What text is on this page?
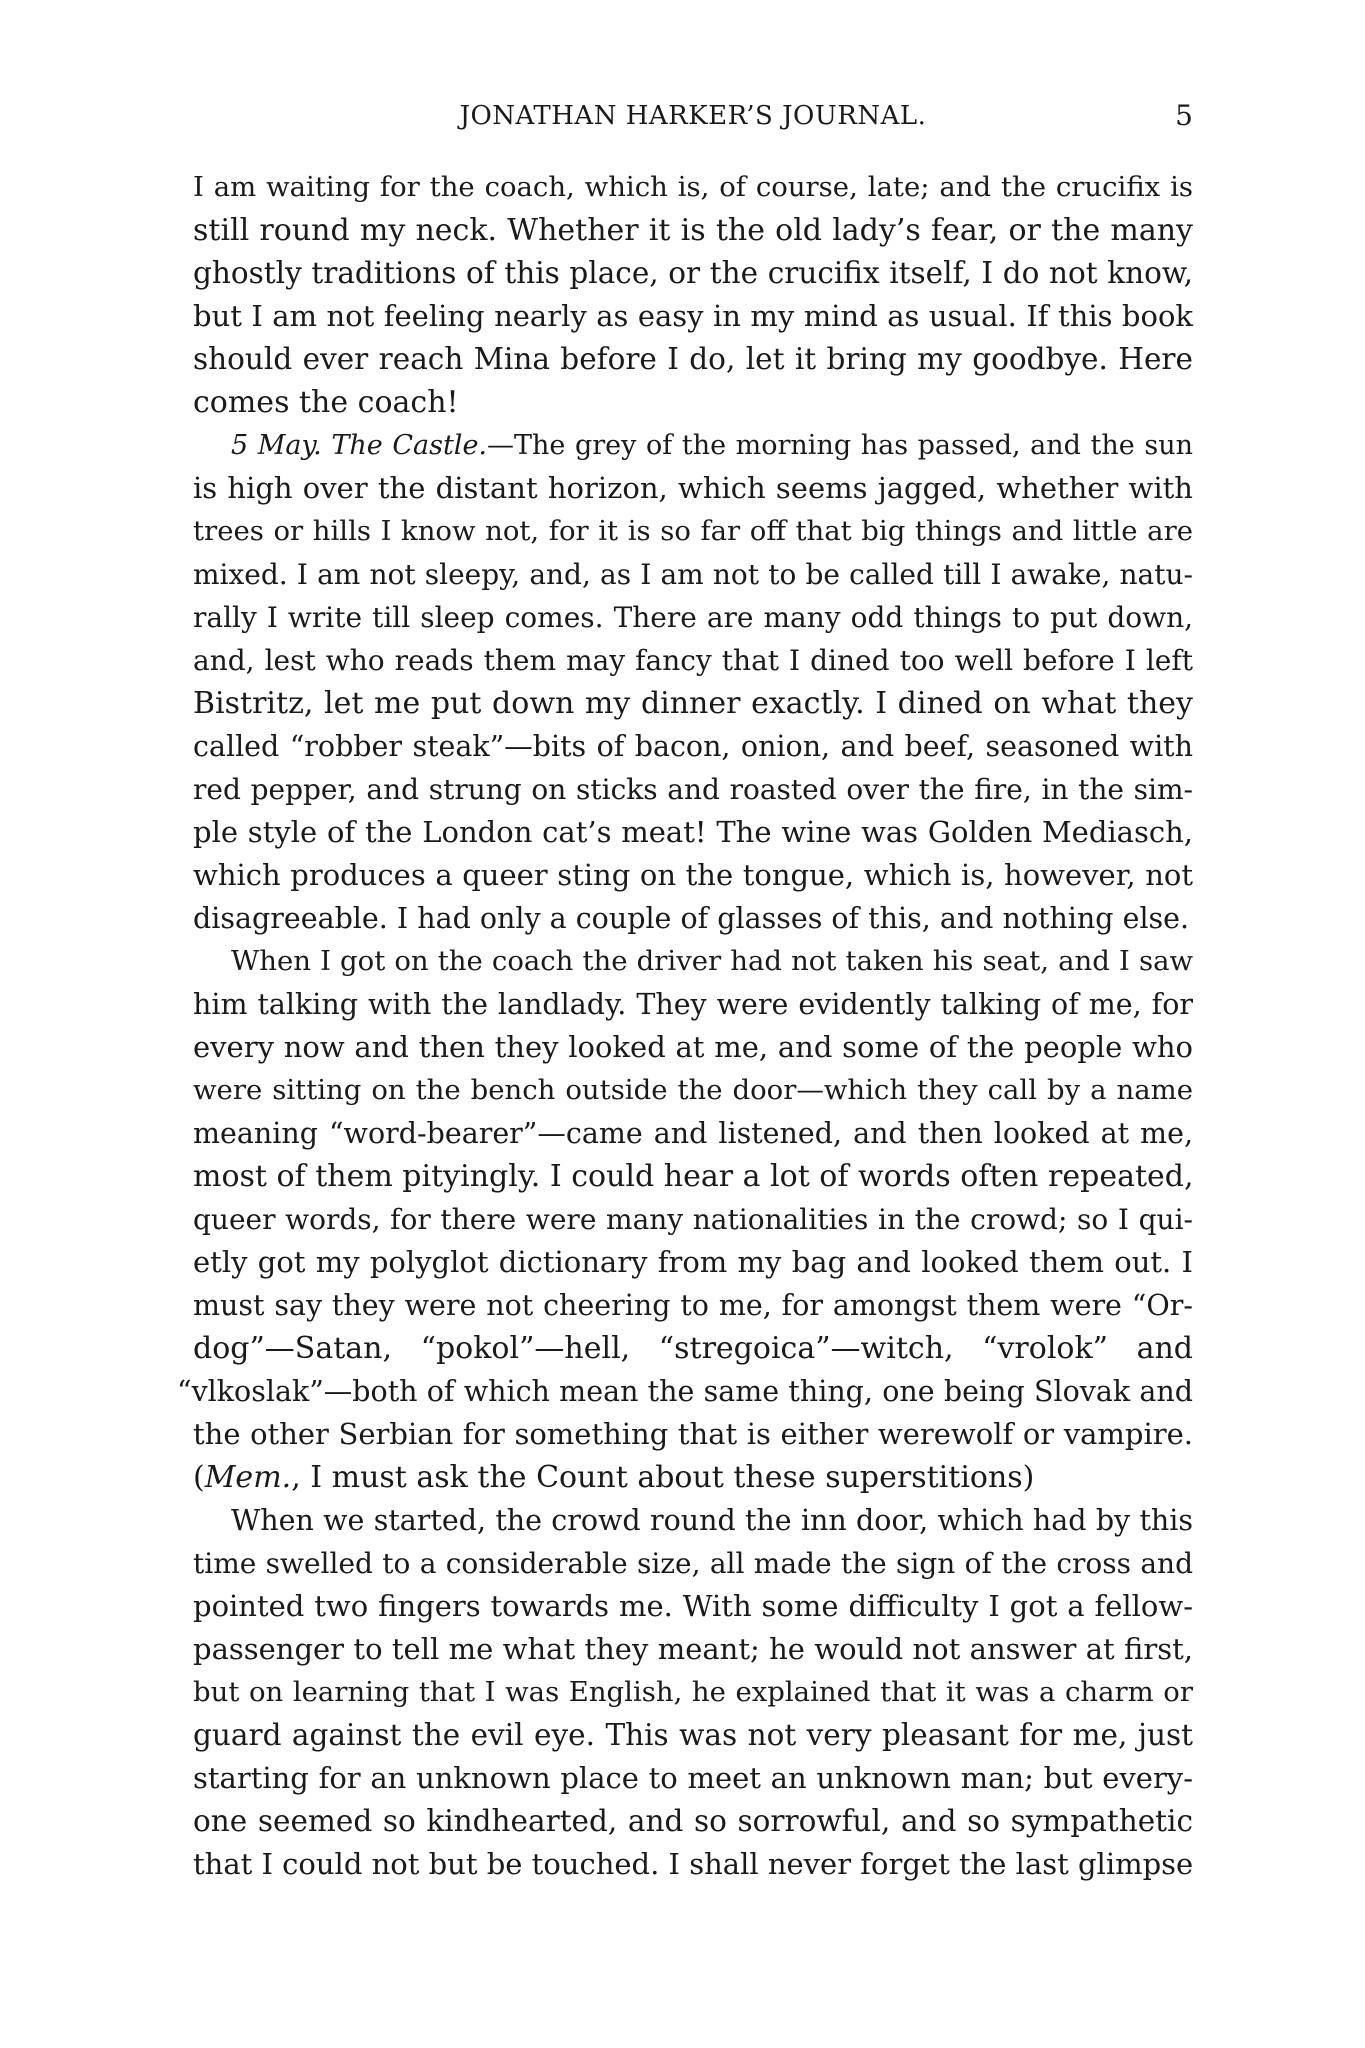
JONATHAN HARKER’S JOURNAL.	5
I am waiting for the coach, which is, of course, late; and the crucifix is
still round my neck. Whether it is the old lady’s fear, or the many
ghostly traditions of this place, or the crucifix itself, I do not know,
but I am not feeling nearly as easy in my mind as usual. If this book
should ever reach Mina before I do, let it bring my goodbye. Here
comes the coach!
5 May. The Castle.—The grey of the morning has passed, and the sun
is high over the distant horizon, which seems jagged, whether with
trees or hills I know not, for it is so far off that big things and little are
mixed. I am not sleepy, and, as I am not to be called till I awake, natu-
rally I write till sleep comes. There are many odd things to put down,
and, lest who reads them may fancy that I dined too well before I left
Bistritz, let me put down my dinner exactly. I dined on what they
called “robber steak”—bits of bacon, onion, and beef, seasoned with
red pepper, and strung on sticks and roasted over the fire, in the sim-
ple style of the London cat’s meat! The wine was Golden Mediasch,
which produces a queer sting on the tongue, which is, however, not
disagreeable. I had only a couple of glasses of this, and nothing else.
When I got on the coach the driver had not taken his seat, and I saw
him talking with the landlady. They were evidently talking of me, for
every now and then they looked at me, and some of the people who
were sitting on the bench outside the door—which they call by a name
meaning “word-bearer”—came and listened, and then looked at me,
most of them pityingly. I could hear a lot of words often repeated,
queer words, for there were many nationalities in the crowd; so I qui-
etly got my polyglot dictionary from my bag and looked them out. I
must say they were not cheering to me, for amongst them were “Or-
dog”—Satan, “pokol”—hell, “stregoica”—witch, “vrolok” and
“vlkoslak”—both of which mean the same thing, one being Slovak and
the other Serbian for something that is either werewolf or vampire.
(Mem., I must ask the Count about these superstitions)
When we started, the crowd round the inn door, which had by this
time swelled to a considerable size, all made the sign of the cross and
pointed two fingers towards me. With some difficulty I got a fellow-
passenger to tell me what they meant; he would not answer at first,
but on learning that I was English, he explained that it was a charm or
guard against the evil eye. This was not very pleasant for me, just
starting for an unknown place to meet an unknown man; but every-
one seemed so kindhearted, and so sorrowful, and so sympathetic
that I could not but be touched. I shall never forget the last glimpse
